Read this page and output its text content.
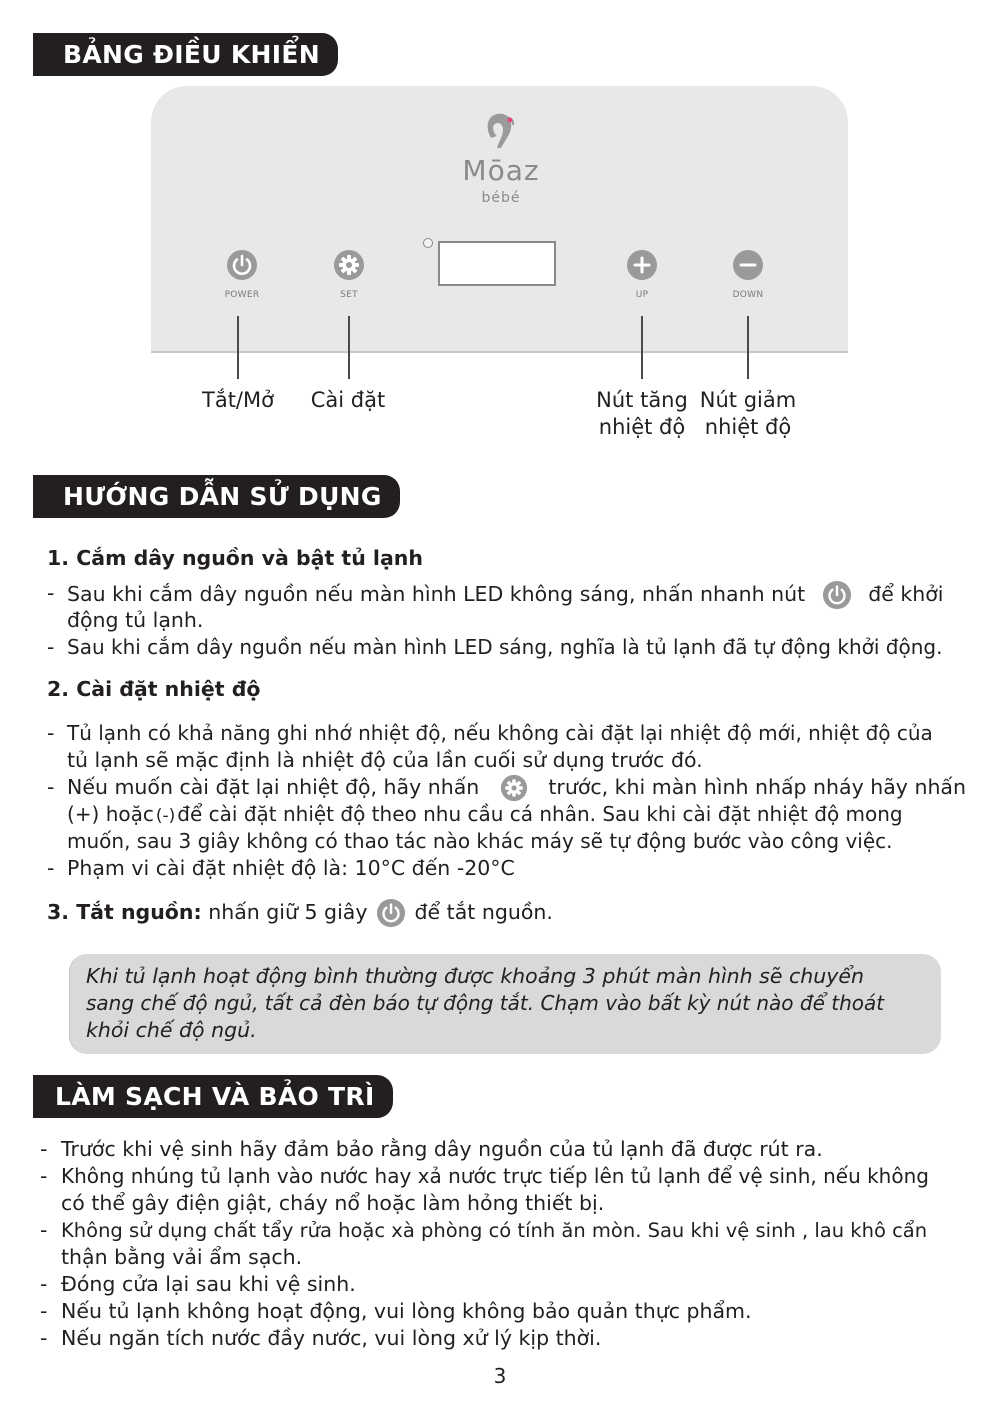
BẢNG ĐIỀU KHIỂN
Mōaz
bébé
POWER	SET	UP	DOWN
Tắt/Mở	Cài đặt	Nút tăng
nhiệt độ
Nút giảm
nhiệt độ
HƯỚNG DẪN SỬ DỤNG
1. Cắm dây nguồn và bật tủ lạnh
- Sau khi cắm dây nguồn nếu màn hình LED không sáng, nhấn nhanh nút	để khởi
động tủ lạnh.
- Sau khi cắm dây nguồn nếu màn hình LED sáng, nghĩa là tủ lạnh đã tự động khởi động.
2. Cài đặt nhiệt độ
- Tủ lạnh có khả năng ghi nhớ nhiệt độ, nếu không cài đặt lại nhiệt độ mới, nhiệt độ của
tủ lạnh sẽ mặc định là nhiệt độ của lần cuối sử dụng trước đó.
- Nếu muốn cài đặt lại nhiệt độ, hãy nhấn	trước, khi màn hình nhấp nháy hãy nhấn
(+) hoặc (-) để cài đặt nhiệt độ theo nhu cầu cá nhân. Sau khi cài đặt nhiệt độ mong
muốn, sau 3 giây không có thao tác nào khác máy sẽ tự động bước vào công việc.
- Phạm vi cài đặt nhiệt độ là: 10°C đến -20°C
3. Tắt nguồn: nhấn giữ 5 giây để tắt nguồn.
Khi tủ lạnh hoạt động bình thường được khoảng 3 phút màn hình sẽ chuyển
sang chế độ ngủ, tất cả đèn báo tự động tắt. Chạm vào bất kỳ nút nào để thoát
khỏi chế độ ngủ.
LÀM SẠCH VÀ BẢO TRÌ
- Trước khi vệ sinh hãy đảm bảo rằng dây nguồn của tủ lạnh đã được rút ra.
- Không nhúng tủ lạnh vào nước hay xả nước trực tiếp lên tủ lạnh để vệ sinh, nếu không
có thể gây điện giật, cháy nổ hoặc làm hỏng thiết bị.
- Không sử dụng chất tẩy rửa hoặc xà phòng có tính ăn mòn. Sau khi vệ sinh , lau khô cẩn
thận bằng vải ẩm sạch.
- Đóng cửa lại sau khi vệ sinh.
- Nếu tủ lạnh không hoạt động, vui lòng không bảo quản thực phẩm.
- Nếu ngăn tích nước đầy nước, vui lòng xử lý kịp thời.
3
